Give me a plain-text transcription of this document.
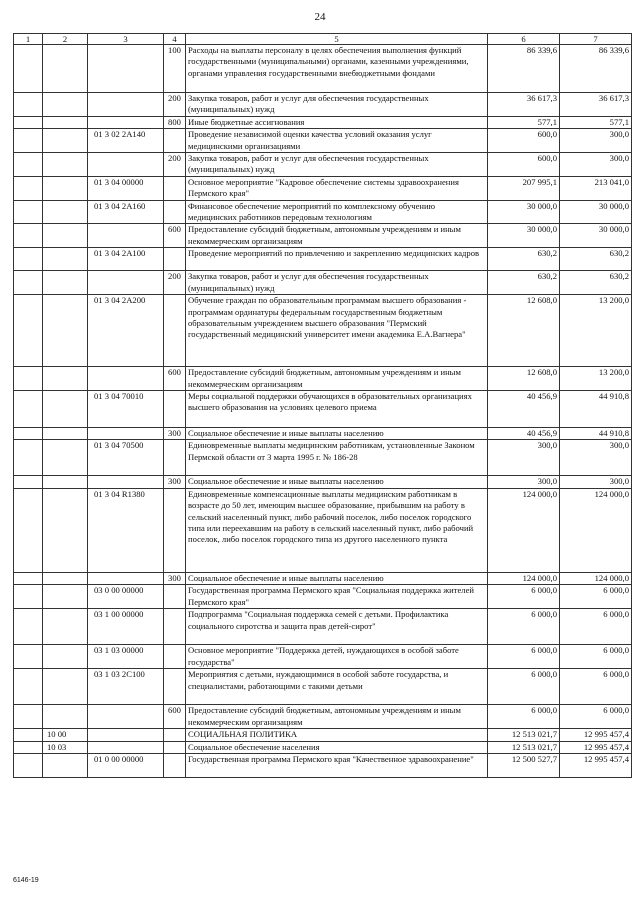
24
1	2	3	4	5	6	7
			100	Расходы на выплаты персоналу в целях обеспечения выполнения функций государственными (муниципальными) органами, казенными учреждениями, органами управления государственными внебюджетными фондами	86 339,6	86 339,6
			200	Закупка товаров, работ и услуг для обеспечения государственных (муниципальных) нужд	36 617,3	36 617,3
			800	Иные бюджетные ассигнования	577,1	577,1
		01 3 02 2А140		Проведение независимой оценки качества условий оказания услуг медицинскими организациями	600,0	300,0
			200	Закупка товаров, работ и услуг для обеспечения государственных (муниципальных) нужд	600,0	300,0
		01 3 04 00000		Основное мероприятие "Кадровое обеспечение системы здравоохранения Пермского края"	207 995,1	213 041,0
		01 3 04 2А160		Финансовое обеспечение мероприятий по комплексному обучению медицинских работников передовым технологиям	30 000,0	30 000,0
			600	Предоставление субсидий бюджетным, автономным учреждениям и иным некоммерческим организациям	30 000,0	30 000,0
		01 3 04 2А100		Проведение мероприятий по привлечению и закреплению медицинских кадров	630,2	630,2
			200	Закупка товаров, работ и услуг для обеспечения государственных (муниципальных) нужд	630,2	630,2
		01 3 04 2А200		Обучение граждан по образовательным программам высшего образования - программам ординатуры федеральным государственным бюджетным образовательным учреждением высшего образования "Пермский государственный медицинский университет имени академика Е.А.Вагнера"	12 608,0	13 200,0
			600	Предоставление субсидий бюджетным, автономным учреждениям и иным некоммерческим организациям	12 608,0	13 200,0
		01 3 04 70010		Меры социальной поддержки обучающихся в образовательных организациях высшего образования на условиях целевого приема	40 456,9	44 910,8
			300	Социальное обеспечение и иные выплаты населению	40 456,9	44 910,8
		01 3 04 70500		Единовременные выплаты медицинским работникам, установленные Законом Пермской области от 3 марта 1995 г. № 186-28	300,0	300,0
			300	Социальное обеспечение и иные выплаты населению	300,0	300,0
		01 3 04 R1380		Единовременные компенсационные выплаты медицинским работникам в возрасте до 50 лет, имеющим высшее образование, прибывшим на работу в сельский населенный пункт, либо рабочий поселок, либо поселок городского типа или переехавшим на работу в сельский населенный пункт, либо рабочий поселок, либо поселок городского типа из другого населенного пункта	124 000,0	124 000,0
			300	Социальное обеспечение и иные выплаты населению	124 000,0	124 000,0
		03 0 00 00000		Государственная программа Пермского края "Социальная поддержка жителей Пермского края"	6 000,0	6 000,0
		03 1 00 00000		Подпрограмма "Социальная поддержка семей с детьми. Профилактика социального сиротства и защита прав детей-сирот"	6 000,0	6 000,0
		03 1 03 00000		Основное мероприятие "Поддержка детей, нуждающихся в особой заботе государства"	6 000,0	6 000,0
		03 1 03 2С100		Мероприятия с детьми, нуждающимися в особой заботе государства, и специалистами, работающими с такими детьми	6 000,0	6 000,0
			600	Предоставление субсидий бюджетным, автономным учреждениям и иным некоммерческим организациям	6 000,0	6 000,0
	10 00			СОЦИАЛЬНАЯ ПОЛИТИКА	12 513 021,7	12 995 457,4
	10 03			Социальное обеспечение населения	12 513 021,7	12 995 457,4
		01 0 00 00000		Государственная программа Пермского края "Качественное здравоохранение"	12 500 527,7	12 995 457,4
6146-19
